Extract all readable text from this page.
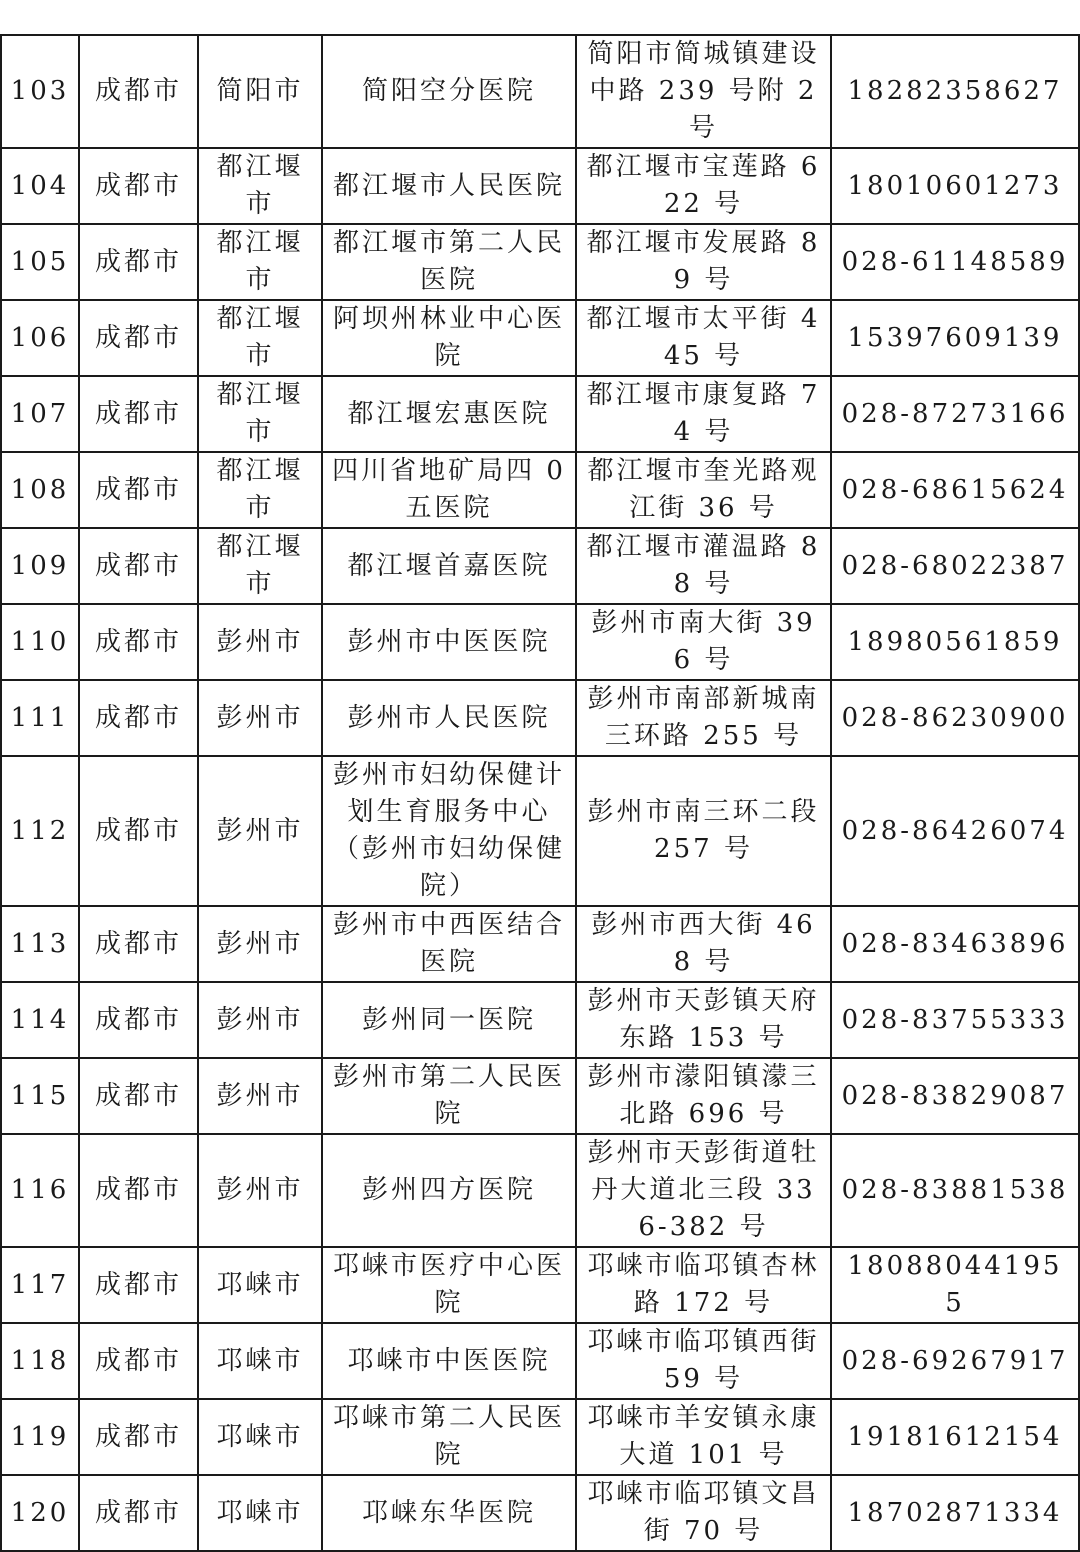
103	成都市	简阳市	简阳空分医院	简阳市简城镇建设中路 239 号附 2 号	18282358627
104	成都市	都江堰市	都江堰市人民医院	都江堰市宝莲路 622 号	18010601273
105	成都市	都江堰市	都江堰市第二人民医院	都江堰市发展路 89 号	028-61148589
106	成都市	都江堰市	阿坝州林业中心医院	都江堰市太平街 445 号	15397609139
107	成都市	都江堰市	都江堰宏惠医院	都江堰市康复路 74 号	028-87273166
108	成都市	都江堰市	四川省地矿局四 0 五医院	都江堰市奎光路观江街 36 号	028-68615624
109	成都市	都江堰市	都江堰首嘉医院	都江堰市灌温路 88 号	028-68022387
110	成都市	彭州市	彭州市中医医院	彭州市南大街 396 号	18980561859
111	成都市	彭州市	彭州市人民医院	彭州市南部新城南三环路 255 号	028-86230900
112	成都市	彭州市	彭州市妇幼保健计划生育服务中心（彭州市妇幼保健院）	彭州市南三环二段 257 号	028-86426074
113	成都市	彭州市	彭州市中西医结合医院	彭州市西大街 468 号	028-83463896
114	成都市	彭州市	彭州同一医院	彭州市天彭镇天府东路 153 号	028-83755333
115	成都市	彭州市	彭州市第二人民医院	彭州市濛阳镇濛三北路 696 号	028-83829087
116	成都市	彭州市	彭州四方医院	彭州市天彭街道牡丹大道北三段 336-382 号	028-83881538
117	成都市	邛崃市	邛崃市医疗中心医院	邛崃市临邛镇杏林路 172 号	180880441955
118	成都市	邛崃市	邛崃市中医医院	邛崃市临邛镇西街 59 号	028-69267917
119	成都市	邛崃市	邛崃市第二人民医院	邛崃市羊安镇永康大道 101 号	19181612154
120	成都市	邛崃市	邛崃东华医院	邛崃市临邛镇文昌街 70 号	18702871334
